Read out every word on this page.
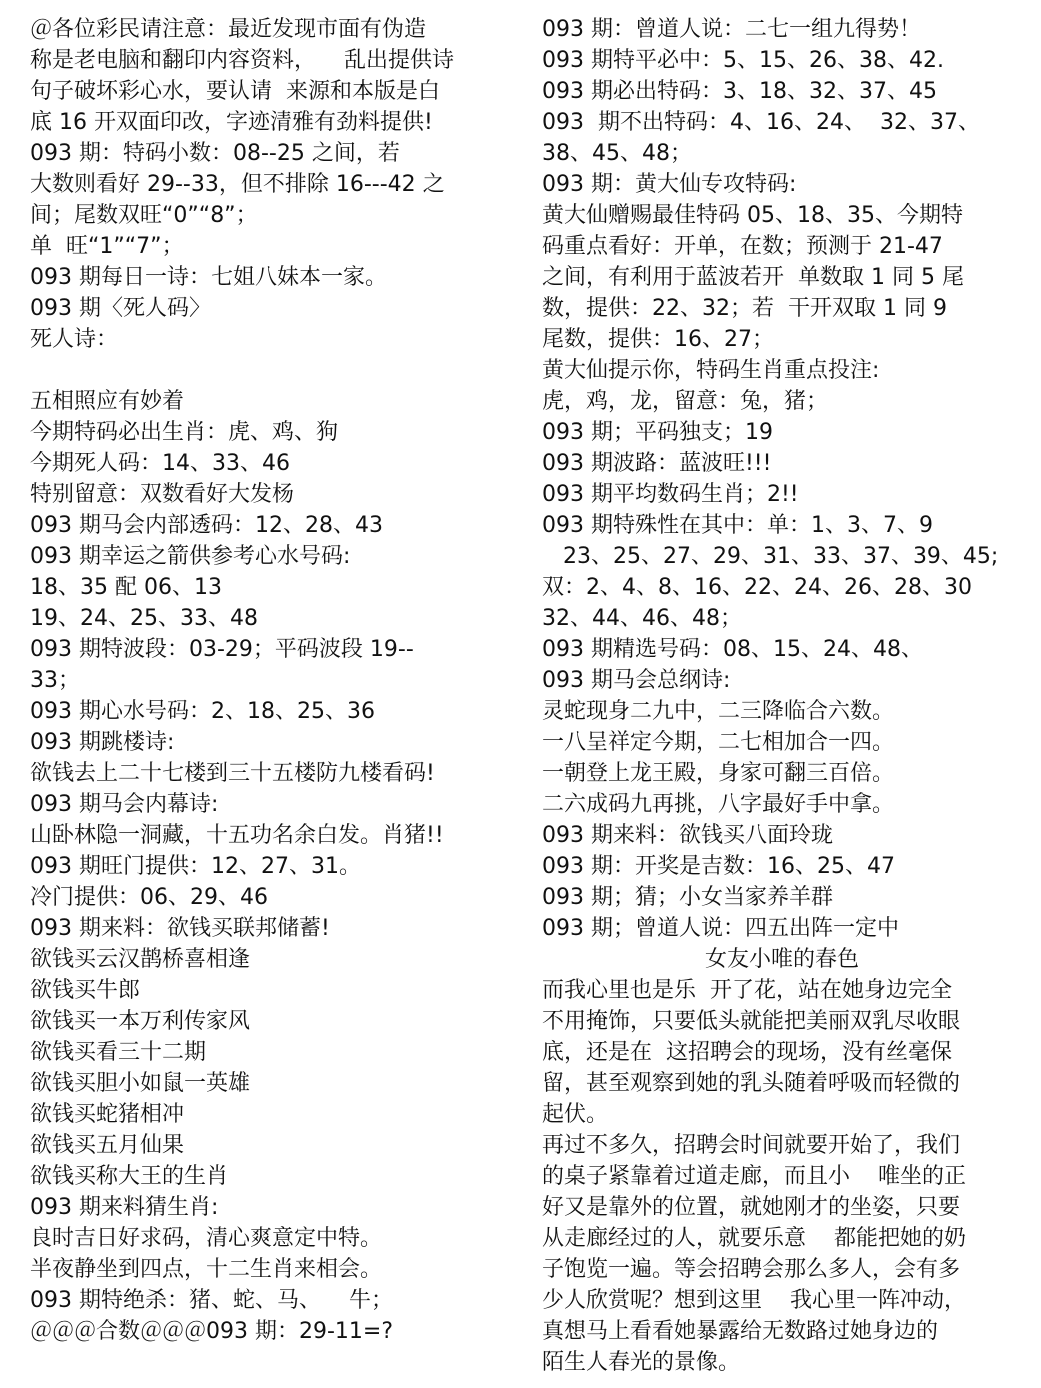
＠各位彩民请注意：最近发现市面有伪造
称是老电脑和翻印内容资料，    乱出提供诗
句子破坏彩心水，要认请  来源和本版是白
底 16 开双面印改，字迹清雅有劲料提供!
093 期：特码小数：08--25 之间，若
大数则看好 29--33，但不排除 16---42 之
间；尾数双旺“0”“8”；
单  旺“1”“7”；
093 期每日一诗：七姐八妹本一家。
093 期〈死人码〉
死人诗：
五相照应有妙着
今期特码必出生肖：虎、鸡、狗
今期死人码：14、33、46
特别留意：双数看好大发杨
093 期马会内部透码：12、28、43
093 期幸运之箭供参考心水号码:
18、35 配 06、13
19、24、25、33、48
093 期特波段：03-29；平码波段 19--
33；
093 期心水号码：2、18、25、36
093 期跳楼诗:
欲钱去上二十七楼到三十五楼防九楼看码!
093 期马会内幕诗:
山卧林隐一洞藏，十五功名余白发。肖猪!!
093 期旺门提供：12、27、31。
冷门提供：06、29、46
093 期来料：欲钱买联邦储蓄!
欲钱买云汉鹊桥喜相逢
欲钱买牛郎
欲钱买一本万利传家风
欲钱买看三十二期
欲钱买胆小如鼠一英雄
欲钱买蛇猪相冲
欲钱买五月仙果
欲钱买称大王的生肖
093 期来料猜生肖:
良时吉日好求码，清心爽意定中特。
半夜静坐到四点，十二生肖来相会。
093 期特绝杀：猪、蛇、马、    牛；
＠＠＠合数＠＠＠093 期：29-11=?
093 期：曾道人说：二七一组九得势！
093 期特平必中：5、15、26、38、42.
093 期必出特码：3、18、32、37、45
093  期不出特码：4、16、24、  32、37、
38、45、48；
093 期：黄大仙专攻特码:
黄大仙赠赐最佳特码 05、18、35、今期特
码重点看好：开单，在数；预测于 21-47
之间，有利用于蓝波若开  单数取 1 同 5 尾
数，提供：22、32；若  干开双取 1 同 9
尾数，提供：16、27；
黄大仙提示你，特码生肖重点投注:
虎，鸡，龙，留意：兔，猪；
093 期；平码独支；19
093 期波路：蓝波旺!!!
093 期平均数码生肖；2!!
093 期特殊性在其中：单：1、3、7、9
23、25、27、29、31、33、37、39、45;
双：2、4、8、16、22、24、26、28、30
32、44、46、48；
093 期精选号码：08、15、24、48、
093 期马会总纲诗:
灵蛇现身二九中，二三降临合六数。
一八呈祥定今期，二七相加合一四。
一朝登上龙王殿，身家可翻三百倍。
二六成码九再挑，八字最好手中拿。
093 期来料：欲钱买八面玲珑
093 期：开奖是吉数：16、25、47
093 期；猜；小女当家养羊群
093 期；曾道人说：四五出阵一定中
女友小唯的春色
而我心里也是乐  开了花，站在她身边完全
不用掩饰，只要低头就能把美丽双乳尽收眼
底，还是在  这招聘会的现场，没有丝毫保
留，甚至观察到她的乳头随着呼吸而轻微的
起伏。
再过不多久，招聘会时间就要开始了，我们
的桌子紧靠着过道走廊，而且小    唯坐的正
好又是靠外的位置，就她刚才的坐姿，只要
从走廊经过的人，就要乐意    都能把她的奶
子饱览一遍。等会招聘会那么多人，会有多
少人欣赏呢？想到这里    我心里一阵冲动，
真想马上看看她暴露给无数路过她身边的
陌生人春光的景像。
